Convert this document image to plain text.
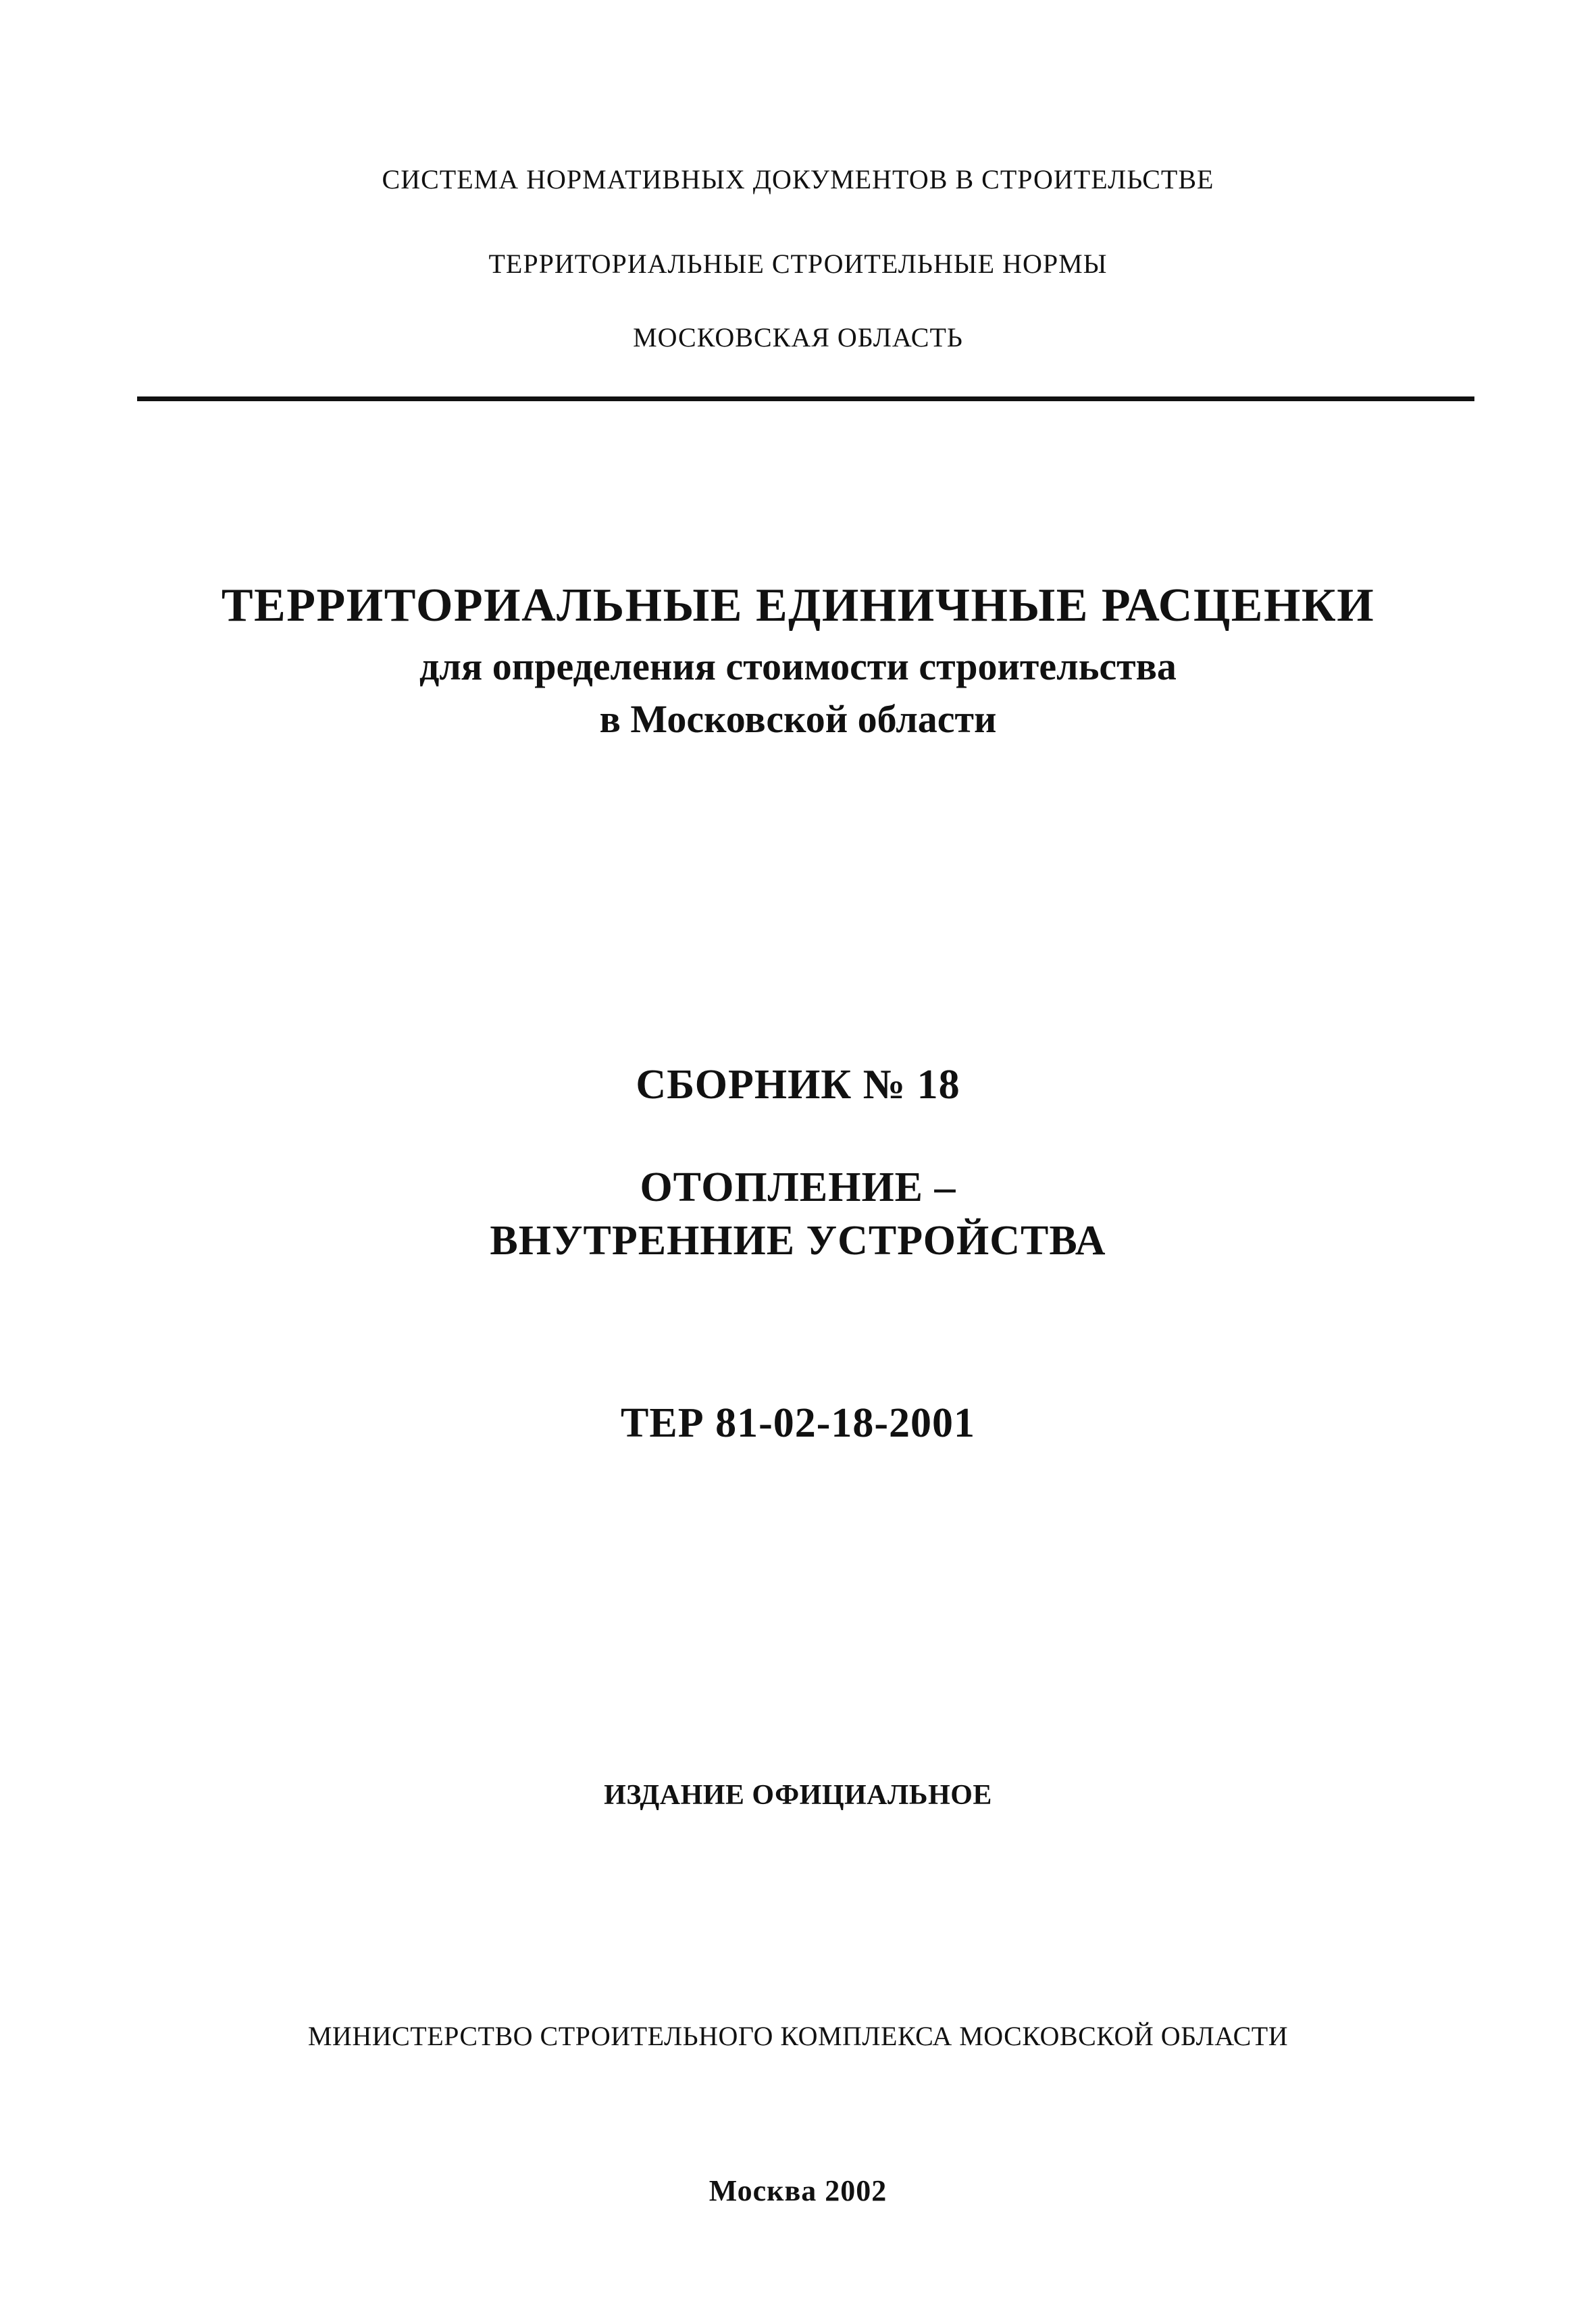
СИСТЕМА НОРМАТИВНЫХ ДОКУМЕНТОВ В СТРОИТЕЛЬСТВЕ
ТЕРРИТОРИАЛЬНЫЕ СТРОИТЕЛЬНЫЕ НОРМЫ
МОСКОВСКАЯ ОБЛАСТЬ
ТЕРРИТОРИАЛЬНЫЕ ЕДИНИЧНЫЕ РАСЦЕНКИ
для определения стоимости строительства
в Московской области
СБОРНИК № 18
ОТОПЛЕНИЕ –
ВНУТРЕННИЕ УСТРОЙСТВА
ТЕР 81-02-18-2001
ИЗДАНИЕ ОФИЦИАЛЬНОЕ
МИНИСТЕРСТВО СТРОИТЕЛЬНОГО КОМПЛЕКСА МОСКОВСКОЙ ОБЛАСТИ
Москва 2002
